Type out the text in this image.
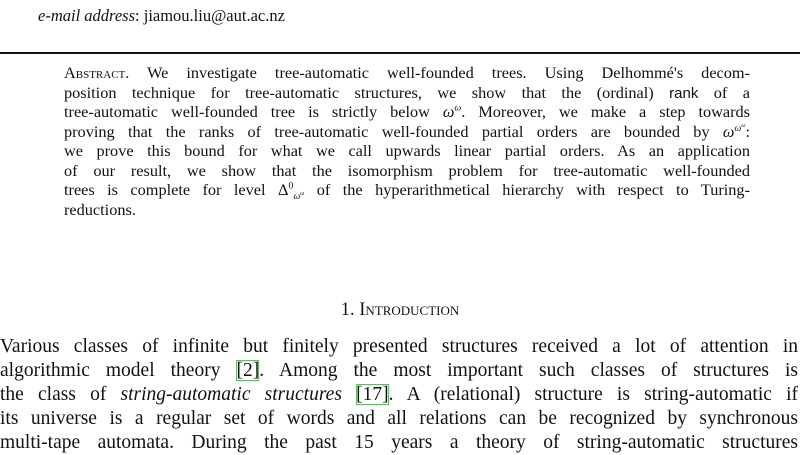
e-mail address: jiamou.liu@aut.ac.nz
Abstract. We investigate tree-automatic well-founded trees. Using Delhommé's decom-
position technique for tree-automatic structures, we show that the (ordinal) rank of a
tree-automatic well-founded tree is strictly below $\omega^\omega$. Moreover, we make a step towards
proving that the ranks of tree-automatic well-founded partial orders are bounded by $\omega^{\omega^\omega}$:
we prove this bound for what we call upwards linear partial orders. As an application
of our result, we show that the isomorphism problem for tree-automatic well-founded
trees is complete for level $\Delta^0_{\omega^\omega}$ of the hyperarithmetical hierarchy with respect to Turing-
reductions.
1. Introduction
Various classes of infinite but finitely presented structures received a lot of attention in
algorithmic model theory [2]. Among the most important such classes of structures is
the class of string-automatic structures [17]. A (relational) structure is string-automatic if
its universe is a regular set of words and all relations can be recognized by synchronous
multi-tape automata. During the past 15 years a theory of string-automatic structures
